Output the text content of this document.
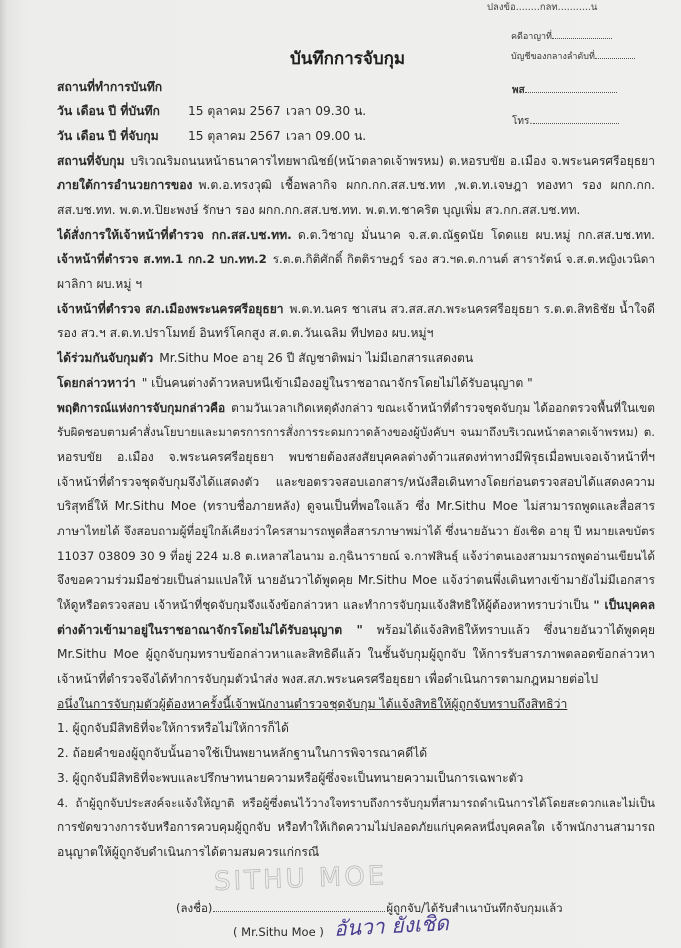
ปลงข้อ........กลท...........น
คดีอาญาที่
บัญชีของกลางลำดับที่
บันทึกการจับกุม
พส
โทร.
สถานที่ทำการบันทึก
วัน เดือน ปี ที่บันทึก 15 ตุลาคม 2567 เวลา 09.30 น.
วัน เดือน ปี ที่จับกุม 15 ตุลาคม 2567 เวลา 09.00 น.
สถานที่จับกุม บริเวณริมถนนหน้าธนาคารไทยพาณิชย์(หน้าตลาดเจ้าพรหม) ต.หอรบขัย อ.เมือง จ.พระนครศรีอยุธยา
ภายใต้การอำนวยการของ พ.ต.อ.ทรงวุฒิ เชื้อพลากิจ ผกก.กก.สส.บช.ทท ,พ.ต.ท.เจษฎา ทองทา รอง ผกก.กก.
สส.บช.ทท. พ.ต.ท.ปิยะพงษ์ รักษา รอง ผกก.กก.สส.บช.ทท. พ.ต.ท.ชาคริต บุญเพิ่ม สว.กก.สส.บช.ทท.
ได้สั่งการให้เจ้าหน้าที่ตำรวจ กก.สส.บช.ทท. ด.ต.วิชาญ มั่นนาค จ.ส.ต.ณัฐดนัย โดดแย ผบ.หมู่ กก.สส.บช.ทท.
เจ้าหน้าที่ตำรวจ ส.ทท.1 กก.2 บก.ทท.2 ร.ต.ต.กิติศักดิ์ กิตติราษฎร์ รอง สว.ฯด.ต.กานต์ สารารัตน์ จ.ส.ต.หญิงเวนิดา
ผาลิกา ผบ.หมู่ ฯ
เจ้าหน้าที่ตำรวจ สภ.เมืองพระนครศรีอยุธยา พ.ต.ท.นคร ชาเสน สว.สส.สภ.พระนครศรีอยุธยา ร.ต.ต.สิทธิชัย น้ำใจดี
รอง สว.ฯ ส.ต.ท.ปราโมทย์ อินทร์โคกสูง ส.ต.ต.วันเฉลิม ทีปทอง ผบ.หมู่ฯ
ได้ร่วมกันจับกุมตัว Mr.Sithu Moe อายุ 26 ปี สัญชาติพม่า ไม่มีเอกสารแสดงตน
โดยกล่าวหาว่า " เป็นคนต่างด้าวหลบหนีเข้าเมืองอยู่ในราชอาณาจักรโดยไม่ได้รับอนุญาต "
พฤติการณ์แห่งการจับกุมกล่าวคือ ตามวันเวลาเกิดเหตุดังกล่าว ขณะเจ้าหน้าที่ตำรวจชุดจับกุม ได้ออกตรวจพื้นที่ในเขต
รับผิดชอบตามคำสั่งนโยบายและมาตรการการสั่งการระดมกวาดล้างของผู้บังคับฯ จนมาถึงบริเวณหน้าตลาดเจ้าพรหม) ต.
หอรบขัย อ.เมือง จ.พระนครศรีอยุธยา พบชายต้องสงสัยบุคคลต่างด้าวแสดงท่าทางมีพิรุธเมื่อพบเจอเจ้าหน้าที่ฯ
เจ้าหน้าที่ตำรวจชุดจับกุมจึงได้แสดงตัว และขอตรวจสอบเอกสาร/หนังสือเดินทางโดยก่อนตรวจสอบได้แสดงความ
บริสุทธิ์ให้ Mr.Sithu Moe (ทราบชื่อภายหลัง) ดูจนเป็นที่พอใจแล้ว ซึ่ง Mr.Sithu Moe ไม่สามารถพูดและสื่อสาร
ภาษาไทยได้ จึงสอบถามผู้ที่อยู่ใกล้เคียงว่าใครสามารถพูดสื่อสารภาษาพม่าได้ ซึ่งนายอันวา ยังเชิด อายุ ปี หมายเลขบัตร
11037 03809 30 9 ที่อยู่ 224 ม.8 ต.เหลาสไอนาม อ.กุฉินารายณ์ จ.กาฬสินธุ์ แจ้งว่าตนเองสามมารถพูดอ่านเขียนได้
จึงขอความร่วมมือช่วยเป็นล่ามแปลให้ นายอันวาได้พูดคุย Mr.Sithu Moe แจ้งว่าตนพึ่งเดินทางเข้ามายังไม่มีเอกสาร
ให้ดูหรือตรวจสอบ เจ้าหน้าที่ชุดจับกุมจึงแจ้งข้อกล่าวหา และทำการจับกุมแจ้งสิทธิให้ผู้ต้องหาทราบว่าเป็น " เป็นบุคคล
ต่างด้าวเข้ามาอยู่ในราชอาณาจักรโดยไม่ได้รับอนุญาต " พร้อมได้แจ้งสิทธิให้ทราบแล้ว ซึ่งนายอันวาได้พูดคุย
Mr.Sithu Moe ผู้ถูกจับกุมทราบข้อกล่าวหาและสิทธิดีแล้ว ในชั้นจับกุมผู้ถูกจับ ให้การรับสารภาพตลอดข้อกล่าวหา
เจ้าหน้าที่ตำรวจจึงได้ทำการจับกุมตัวนำส่ง พงส.สภ.พระนครศรีอยุธยา เพื่อดำเนินการตามกฎหมายต่อไป
อนึ่งในการจับกุมตัวผู้ต้องหาครั้งนี้เจ้าพนักงานตำรวจชุดจับกุม ได้แจ้งสิทธิให้ผู้ถูกจับทราบถึงสิทธิว่า
1. ผู้ถูกจับมีสิทธิที่จะให้การหรือไม่ให้การก็ได้
2. ถ้อยคำของผู้ถูกจับนั้นอาจใช้เป็นพยานหลักฐานในการพิจารณาคดีได้
3. ผู้ถูกจับมีสิทธิที่จะพบและปรึกษาทนายความหรือผู้ซึ่งจะเป็นทนายความเป็นการเฉพาะตัว
4. ถ้าผู้ถูกจับประสงค์จะแจ้งให้ญาติ หรือผู้ซึ่งตนไว้วางใจทราบถึงการจับกุมที่สามารถดำเนินการได้โดยสะดวกและไม่เป็น
การขัดขวางการจับหรือการควบคุมผู้ถูกจับ หรือทำให้เกิดความไม่ปลอดภัยแก่บุคคลหนึ่งบุคคลใด เจ้าพนักงานสามารถ
อนุญาตให้ผู้ถูกจับดำเนินการได้ตามสมควรแก่กรณี
SITHU MOE
(ลงชื่อ)	ผู้ถูกจับ/ได้รับสำเนาบันทึกจับกุมแล้ว
( Mr.Sithu Moe ) อันวา ยังเชิด
